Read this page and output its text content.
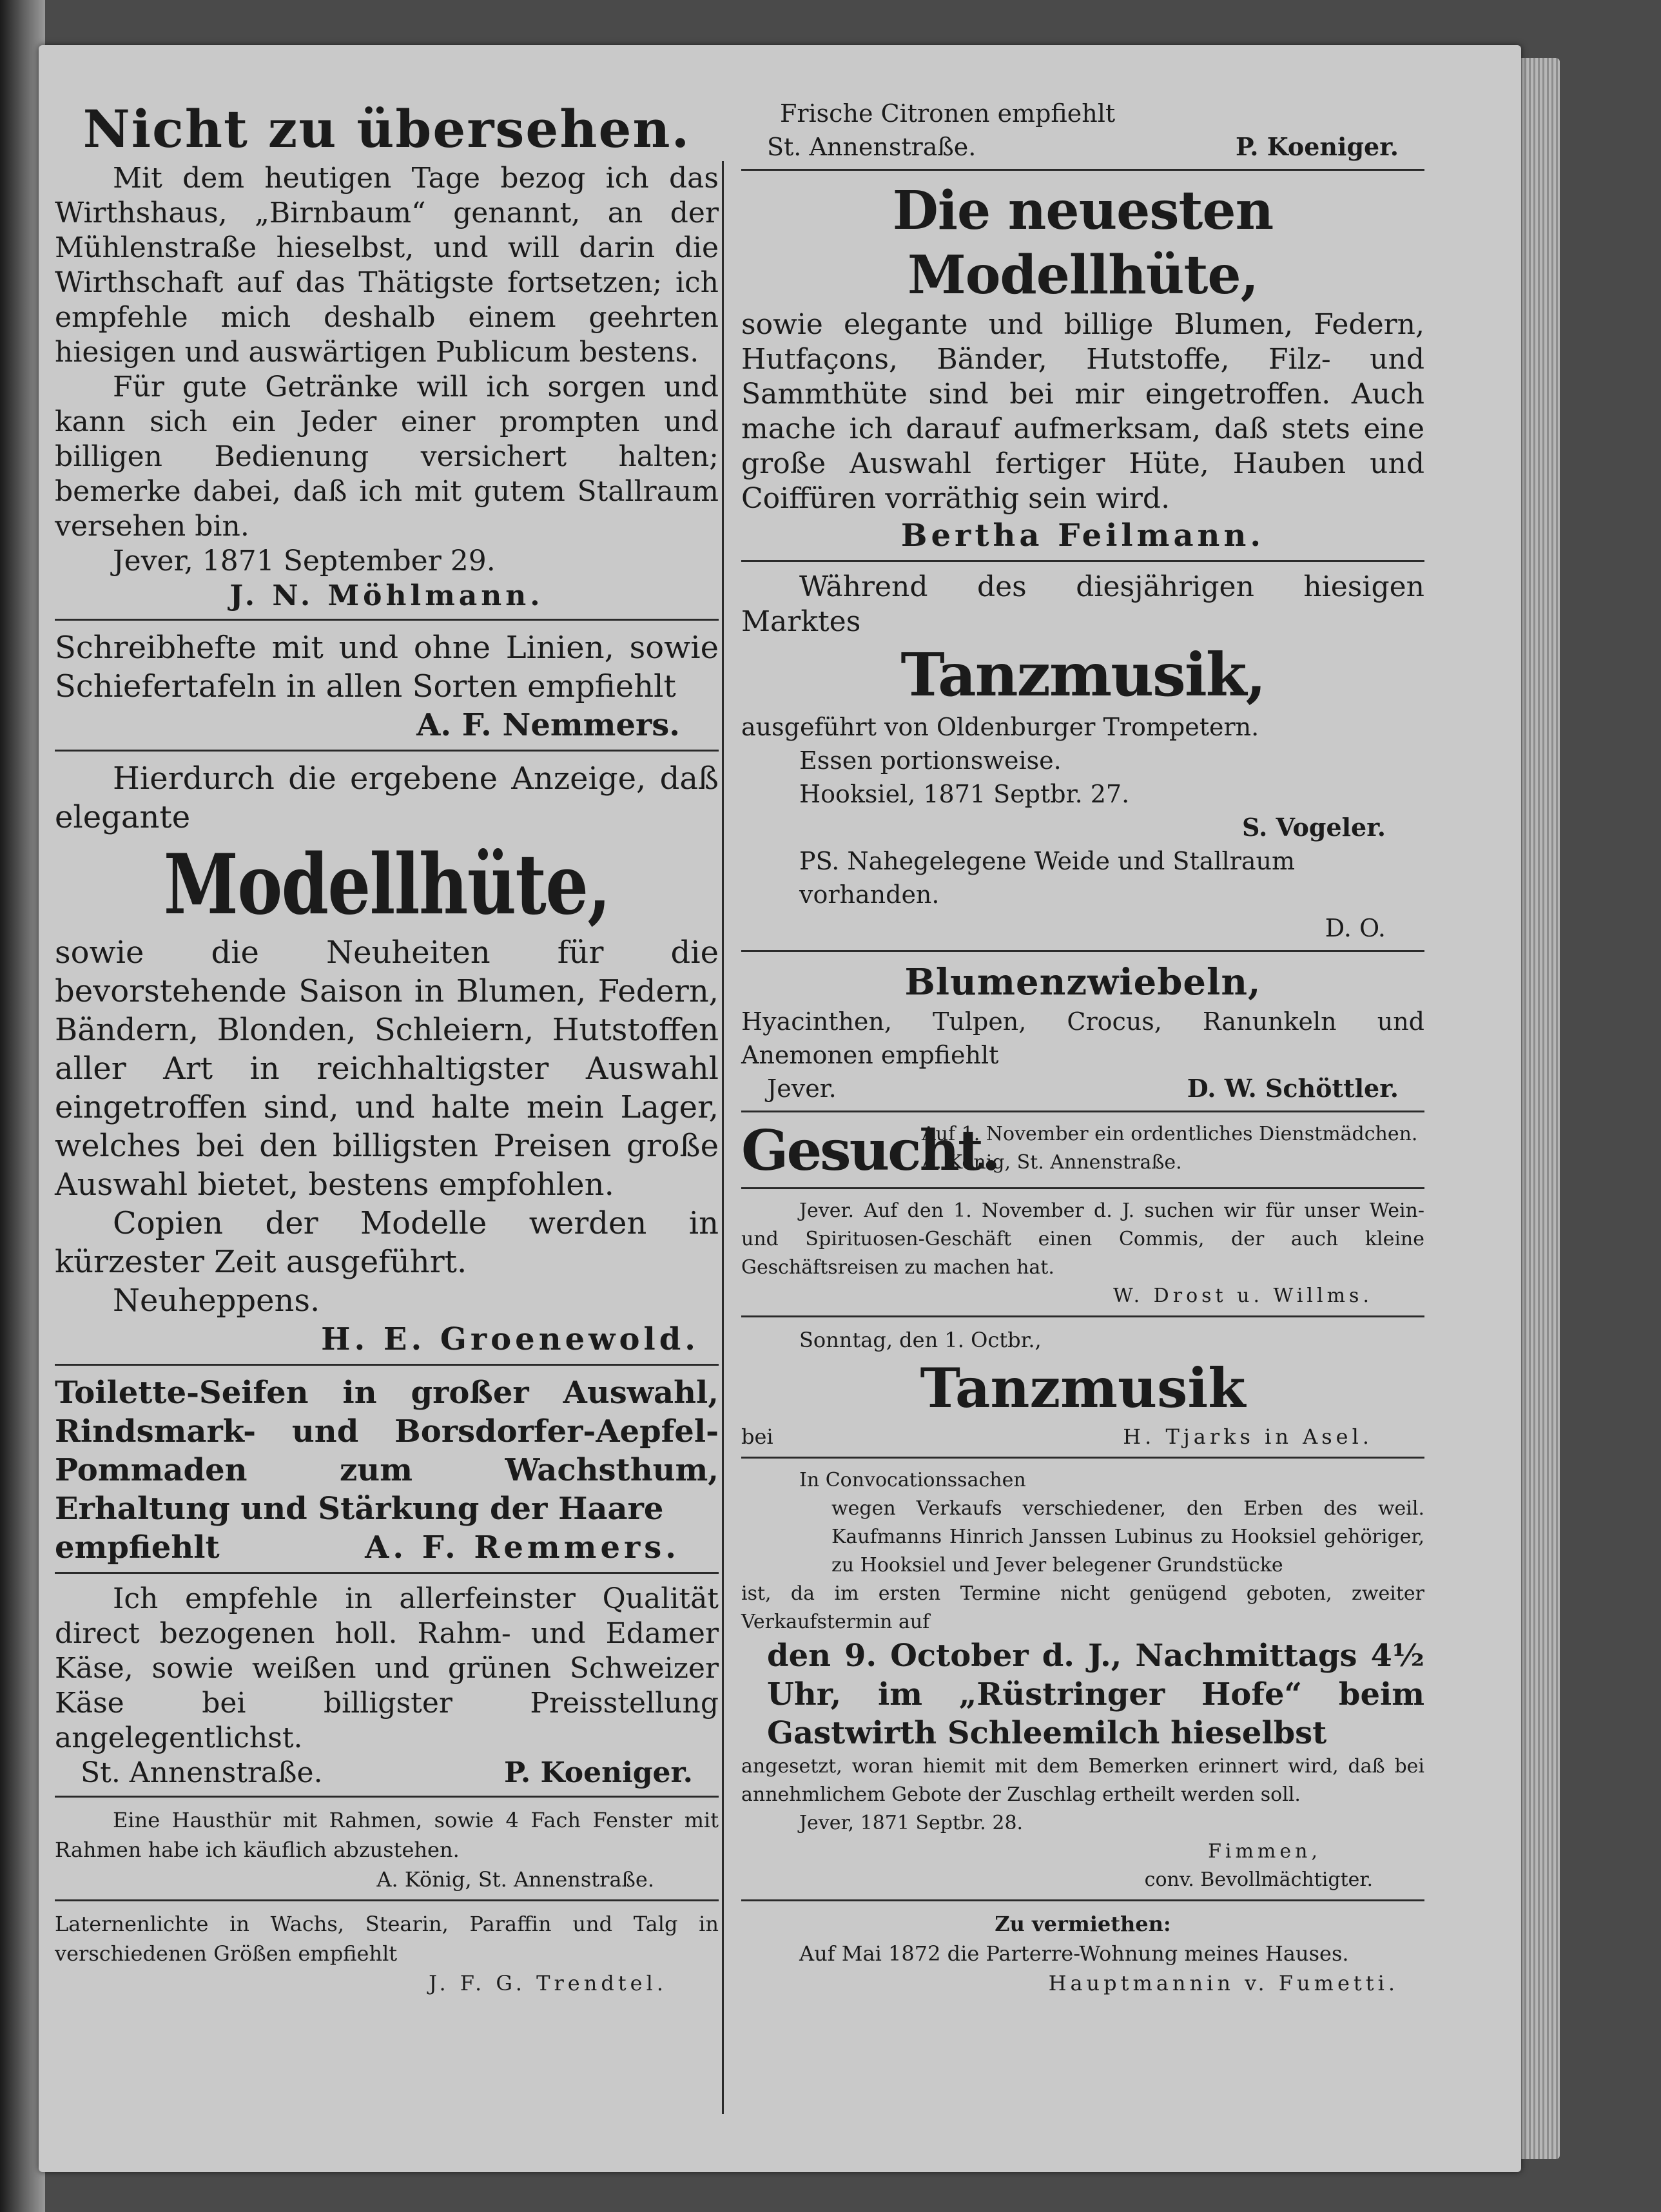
Nicht zu übersehen.

Mit dem heutigen Tage bezog ich das Wirthshaus, „Birnbaum“ genannt, an der Mühlenstraße hieselbst, und will darin die Wirthschaft auf das Thätigste fortsetzen; ich empfehle mich deshalb einem geehrten hiesigen und auswärtigen Publicum bestens.

Für gute Getränke will ich sorgen und kann sich ein Jeder einer prompten und billigen Bedienung versichert halten; bemerke dabei, daß ich mit gutem Stallraum versehen bin.

Jever, 1871 September 29.

J. N. Möhlmann.

Schreibhefte mit und ohne Linien, sowie Schiefertafeln in allen Sorten empfiehlt

A. F. Nemmers.

Hierdurch die ergebene Anzeige, daß elegante

Modellhüte,

sowie die Neuheiten für die bevorstehende Saison in Blumen, Federn, Bändern, Blonden, Schleiern, Hutstoffen aller Art in reichhaltigster Auswahl eingetroffen sind, und halte mein Lager, welches bei den billigsten Preisen große Auswahl bietet, bestens empfohlen.

Copien der Modelle werden in kürzester Zeit ausgeführt.

Neuheppens.

H. E. Groenewold.

Toilette-Seifen in großer Auswahl, Rindsmark- und Borsdorfer-Aepfel-Pommaden zum Wachsthum, Erhaltung und Stärkung der Haare

empfiehlt	A. F. Remmers.

Ich empfehle in allerfeinster Qualität direct bezogenen holl. Rahm- und Edamer Käse, sowie weißen und grünen Schweizer Käse bei billigster Preisstellung angelegentlichst.

St. Annenstraße.	P. Koeniger.

Eine Hausthür mit Rahmen, sowie 4 Fach Fenster mit Rahmen habe ich käuflich abzustehen.

A. König, St. Annenstraße.

Laternenlichte in Wachs, Stearin, Paraffin und Talg in verschiedenen Größen empfiehlt

J. F. G. Trendtel.

Frische Citronen empfiehlt

St. Annenstraße.	P. Koeniger.
Die neuesten Modellhüte,

sowie elegante und billige Blumen, Federn, Hutfaçons, Bänder, Hutstoffe, Filz- und Sammthüte sind bei mir eingetroffen. Auch mache ich darauf aufmerksam, daß stets eine große Auswahl fertiger Hüte, Hauben und Coiffüren vorräthig sein wird.

Bertha Feilmann.

Während des diesjährigen hiesigen Marktes

Tanzmusik,

ausgeführt von Oldenburger Trompetern.

Essen portionsweise.

Hooksiel, 1871 Septbr. 27.

S. Vogeler.

PS. Nahegelegene Weide und Stallraum vorhanden.

D. O.

Blumenzwiebeln,

Hyacinthen, Tulpen, Crocus, Ranunkeln und Anemonen empfiehlt

Jever.	D. W. Schöttler.
Gesucht.

Auf 1. November ein ordentliches Dienstmädchen.

A. König, St. Annenstraße.

Jever. Auf den 1. November d. J. suchen wir für unser Wein- und Spirituosen-Geschäft einen Commis, der auch kleine Geschäftsreisen zu machen hat.

W. Drost u. Willms.

Sonntag, den 1. Octbr.,

Tanzmusik
bei	H. Tjarks in Asel.

In Convocationssachen

wegen Verkaufs verschiedener, den Erben des weil. Kaufmanns Hinrich Janssen Lubinus zu Hooksiel gehöriger, zu Hooksiel und Jever belegener Grundstücke

ist, da im ersten Termine nicht genügend geboten, zweiter Verkaufstermin auf

den 9. October d. J., Nachmittags 4½ Uhr, im „Rüstringer Hofe“ beim Gastwirth Schleemilch hieselbst

angesetzt, woran hiemit mit dem Bemerken erinnert wird, daß bei annehmlichem Gebote der Zuschlag ertheilt werden soll.

Jever, 1871 Septbr. 28.

Fimmen,

conv. Bevollmächtigter.

Zu vermiethen:

Auf Mai 1872 die Parterre-Wohnung meines Hauses.

Hauptmannin v. Fumetti.
